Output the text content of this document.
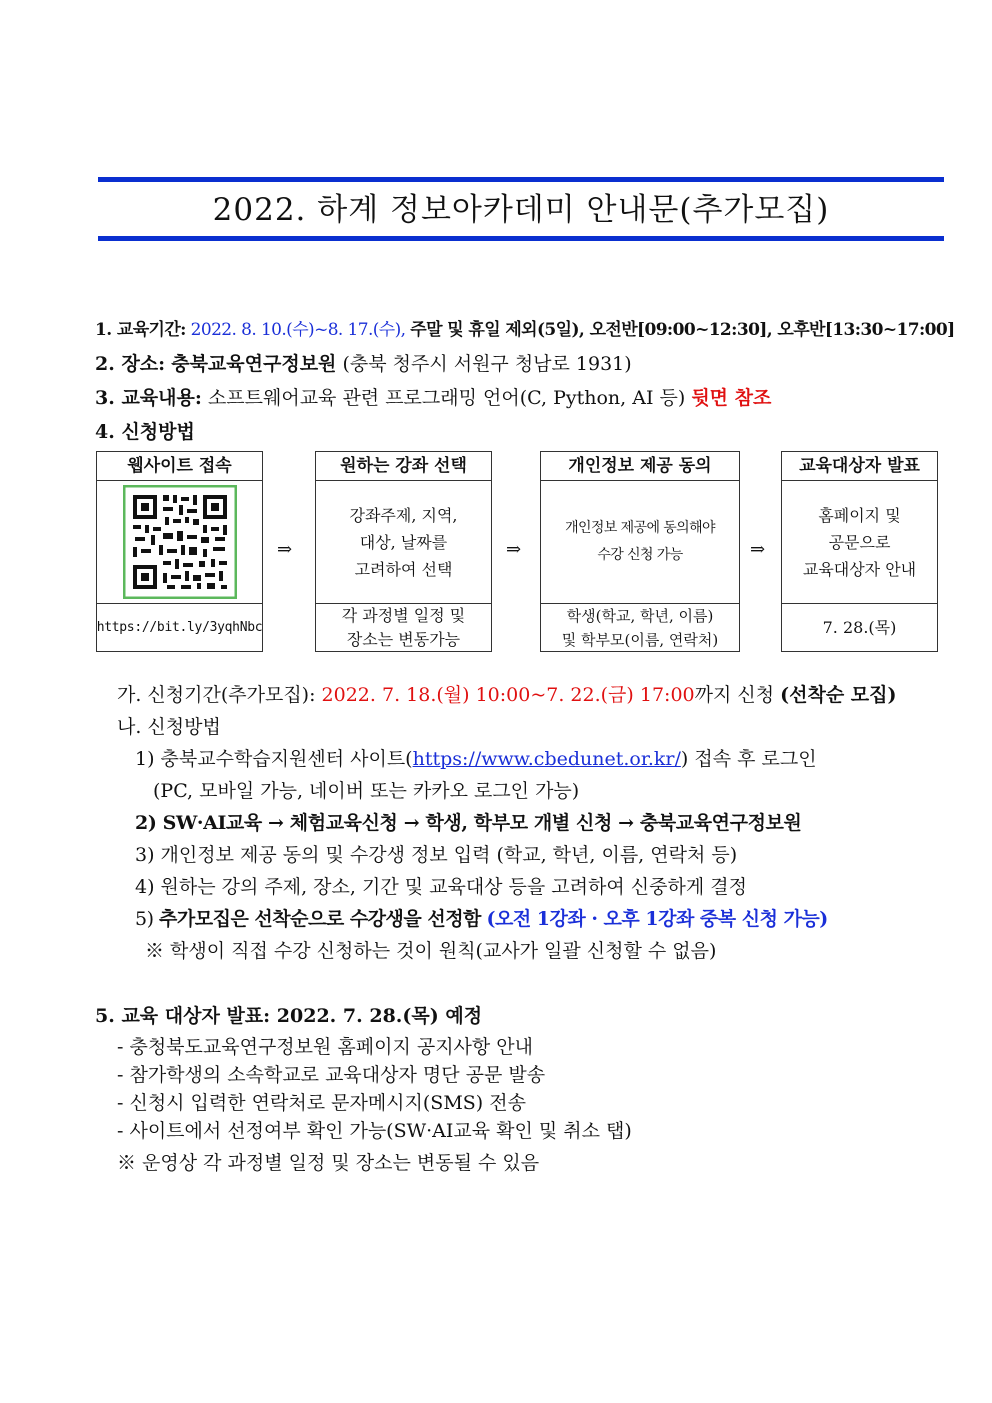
2022. 하계 정보아카데미 안내문(추가모집)
1. 교육기간: 2022. 8. 10.(수)~8. 17.(수), 주말 및 휴일 제외(5일), 오전반[09:00~12:30], 오후반[13:30~17:00]
2. 장소: 충북교육연구정보원 (충북 청주시 서원구 청남로 1931)
3. 교육내용: 소프트웨어교육 관련 프로그래밍 언어(C, Python, AI 등) 뒷면 참조
4. 신청방법
웹사이트 접속
https://bit.ly/3yqhNbc
⇒
원하는 강좌 선택
강좌주제, 지역,
대상, 날짜를
고려하여 선택
각 과정별 일정 및
장소는 변동가능
⇒
개인정보 제공 동의
개인정보 제공에 동의해야
수강 신청 가능
학생(학교, 학년, 이름)
및 학부모(이름, 연락처)
⇒
교육대상자 발표
홈페이지 및
공문으로
교육대상자 안내
7. 28.(목)
가. 신청기간(추가모집): 2022. 7. 18.(월) 10:00~7. 22.(금) 17:00까지 신청 (선착순 모집)
나. 신청방법
1) 충북교수학습지원센터 사이트(https://www.cbedunet.or.kr/) 접속 후 로그인
(PC, 모바일 가능, 네이버 또는 카카오 로그인 가능)
2) SW·AI교육 → 체험교육신청 → 학생, 학부모 개별 신청 → 충북교육연구정보원
3) 개인정보 제공 동의 및 수강생 정보 입력 (학교, 학년, 이름, 연락처 등)
4) 원하는 강의 주제, 장소, 기간 및 교육대상 등을 고려하여 신중하게 결정
5) 추가모집은 선착순으로 수강생을 선정함 (오전 1강좌 · 오후 1강좌 중복 신청 가능)
※ 학생이 직접 수강 신청하는 것이 원칙(교사가 일괄 신청할 수 없음)
5. 교육 대상자 발표: 2022. 7. 28.(목) 예정
- 충청북도교육연구정보원 홈페이지 공지사항 안내
- 참가학생의 소속학교로 교육대상자 명단 공문 발송
- 신청시 입력한 연락처로 문자메시지(SMS) 전송
- 사이트에서 선정여부 확인 가능(SW·AI교육 확인 및 취소 탭)
※ 운영상 각 과정별 일정 및 장소는 변동될 수 있음
